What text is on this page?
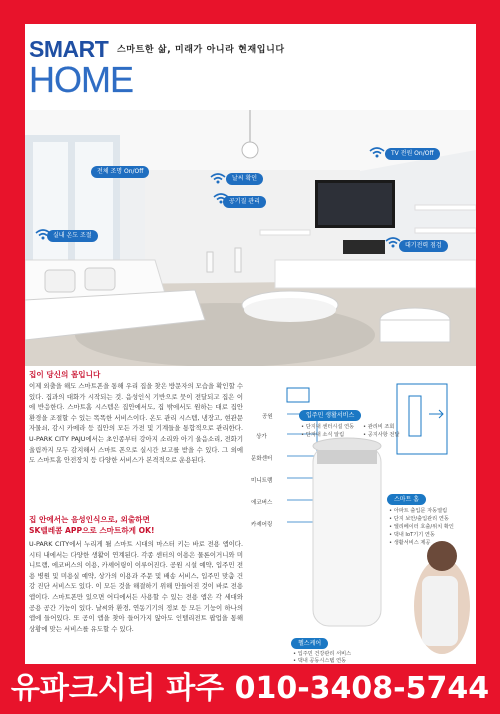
SMART
HOME
스마트한 삶, 미래가 아니라 현재입니다
전체 조명 On/Off
날씨 확인
TV 전원 On/Off
실내 온도 조절
공기질 관리
대기전력 점검
집이 당신의 몸입니다
이제 외출을 해도 스마트폰을 통해 우리 집을 찾은 방문자의 모습을 확인할 수 있다. 집과의 대화가 시작되는 것. 음성인식 기반으로 뭇이 전달되고 집은 이에 반응한다. 스마트홈 시스템은 집안에서도, 집 밖에서도 원하는 대로 집안 환경을 조절할 수 있는 똑똑한 서비스이다. 온도 관리 시스템, 냉장고, 현관문 자물쇠, 감시 카메라 등 집안의 모든 가전 및 기계들을 통합적으로 관리한다. U-PARK CITY PAJU에서는 초인종부터 강아지 소리와 아기 울음소리, 전화기 울림까지 모두 감지해서 스마트 폰으로 실시간 보고를 받을 수 있다. 그 외에도 스마트홈 안전장치 등 다양한 서비스가 본격적으로 운용된다.
집 안에서는 음성인식으로, 외출하면
SK텔레콤 APP으로 스마트하게 OK!
U-PARK CITY에서 누리게 될 스마트 시대의 마스터 키는 바로 전용 앱이다. 시티 내에서는 다양한 생활이 연계된다. 각종 센터의 이용은 물론이거니와 미니트램, 에코버스의 이용, 카셰어링이 이루어진다. 공원 시설 예약, 입주민 전용 병원 및 미용실 예약, 상가의 이용과 주문 및 배송 서비스, 입주민 맞춤 건강 진단 서비스도 있다. 이 모든 것을 해결하기 위해 만들어진 것이 바로 전용 앱이다. 스마트폰만 있으면 어디에서든 사용할 수 있는 전용 앱은 각 세대와 공용 공간 기능이 있다. 날씨와 환경, 연동기기의 정보 등 모든 기능이 하나의 앱에 들어있다. 또 공이 앱을 찾아 들어가지 않아도 인텔리전트 팝업을 통해 상황에 맞는 서비스를 유도할 수 있다.
공원
상가
문화센터
미니트램
에코버스
카셰어링
입주민 생활서비스
• 단지내 센터시설 연동
• 단지내 소식 알림
• 관리비 조회
• 공지사항 전달
스마트 홈
• 아파트 출입문 자동열림
• 단지 보안/출입관리 연동
• 엘리베이터 호출/위치 확인
• 댁내 IoT기기 연동
• 생활서비스 제공
헬스케어
• 입주민 건강관리 서비스
• 댁내 공동시스템 연동
유파크시티 파주 010-3408-5744
